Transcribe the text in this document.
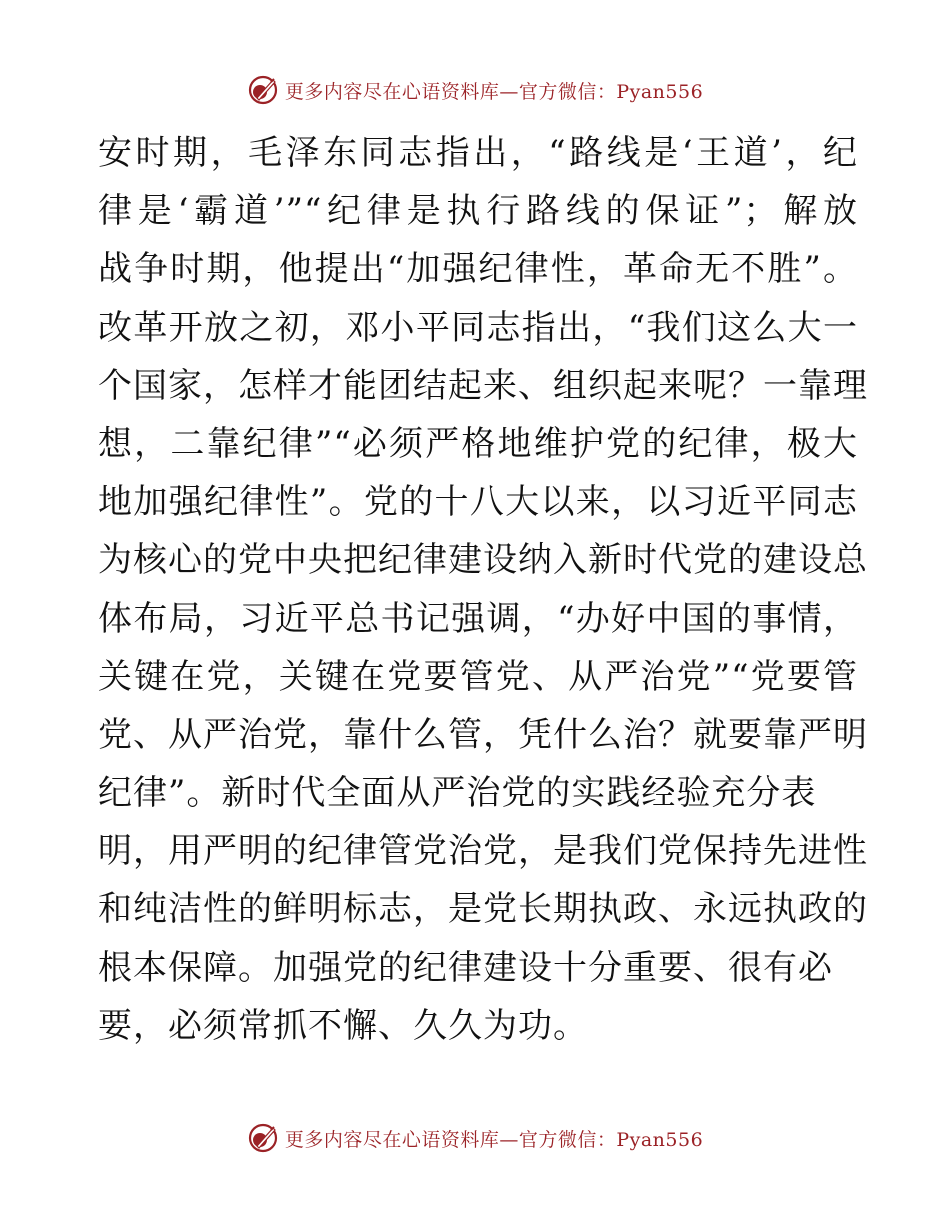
更多内容尽在心语资料库—官方微信：Pyan556
安时期，毛泽东同志指出，“路线是‘王道’，纪
律是‘霸道’”“纪律是执行路线的保证”；解放
战争时期，他提出“加强纪律性，革命无不胜”。
改革开放之初，邓小平同志指出，“我们这么大一
个国家，怎样才能团结起来、组织起来呢？一靠理
想，二靠纪律”“必须严格地维护党的纪律，极大
地加强纪律性”。党的十八大以来，以习近平同志
为核心的党中央把纪律建设纳入新时代党的建设总
体布局，习近平总书记强调，“办好中国的事情，
关键在党，关键在党要管党、从严治党”“党要管
党、从严治党，靠什么管，凭什么治？就要靠严明
纪律”。新时代全面从严治党的实践经验充分表
明，用严明的纪律管党治党，是我们党保持先进性
和纯洁性的鲜明标志，是党长期执政、永远执政的
根本保障。加强党的纪律建设十分重要、很有必
要，必须常抓不懈、久久为功。
更多内容尽在心语资料库—官方微信：Pyan556
